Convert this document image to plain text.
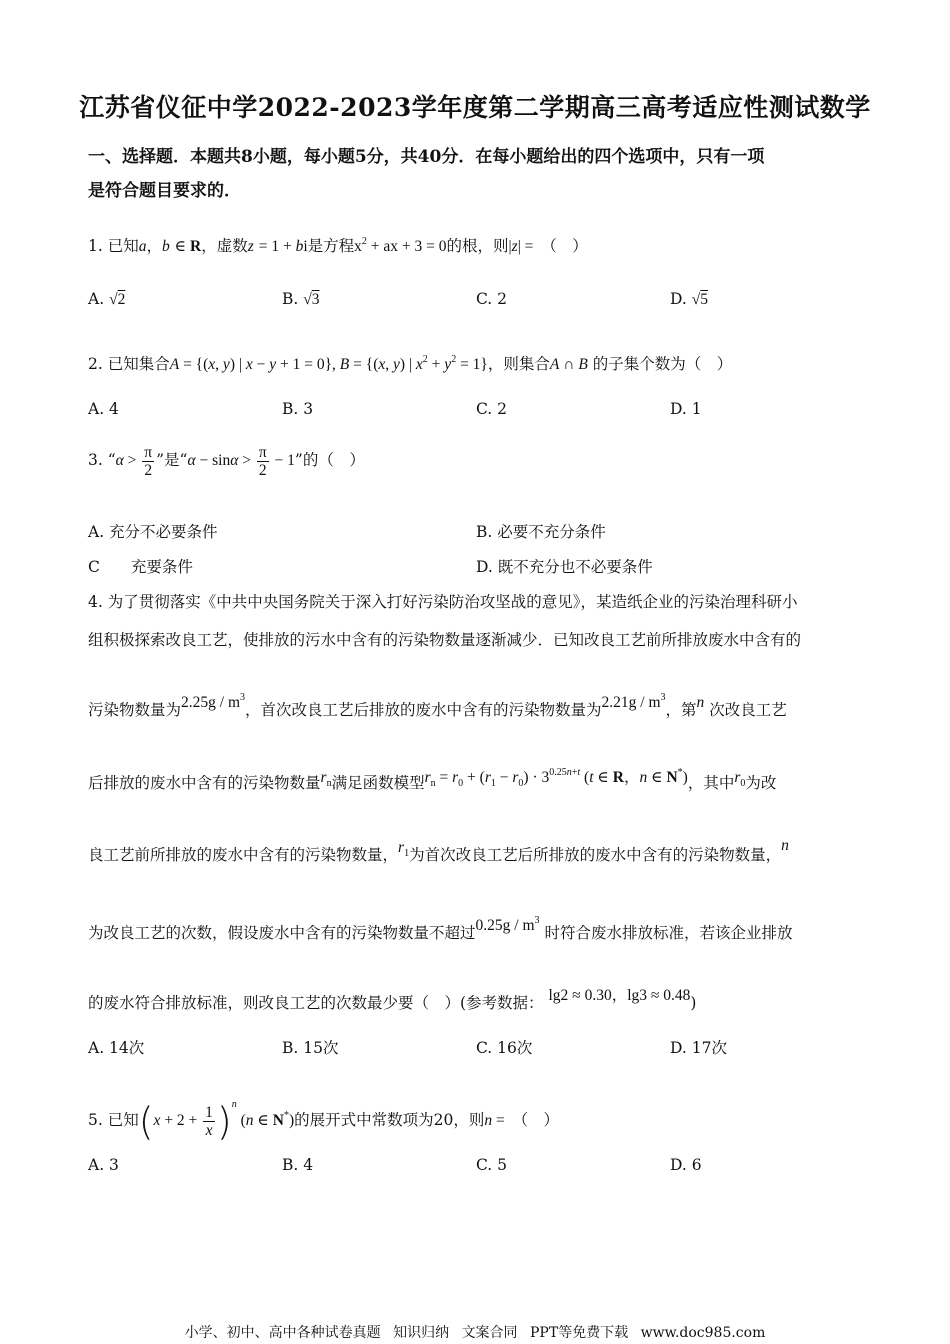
江苏省仪征中学2022-2023学年度第二学期高三高考适应性测试数学
一、选择题．本题共8小题，每小题5分，共40分．在每小题给出的四个选项中，只有一项
是符合题目要求的．
1. 已知a，b ∈ R，虚数z = 1 + bi是方程$x^2$ + ax + 3 = 0的根，则|z| =　 （　）
A. √2	B. √3	C. 2	D. √5
2. 已知集合A = {(x, y) | x − y + 1 = 0}, B = {(x, y) | $x^2 + y^2 = 1$}，则集合A ∩ B 的子集个数为（　）
A. 4	B. 3	C. 2	D. 1
3. “$\alpha > \frac{\pi}{2}$ ”是“$\alpha - \sin\alpha > \frac{\pi}{2} - 1$”的（　）
A. 充分不必要条件	B. 必要不充分条件
C　　充要条件	D. 既不充分也不必要条件
4. 为了贯彻落实《中共中央国务院关于深入打好污染防治攻坚战的意见》，某造纸企业的污染治理科研小
组积极探索改良工艺，使排放的污水中含有的污染物数量逐渐减少．已知改良工艺前所排放废水中含有的
污染物数量为$2.25g / m^3$，首次改良工艺后排放的废水中含有的污染物数量为$2.21g / m^3$，第n 次改良工艺
后排放的废水中含有的污染物数量$r_n$满足函数模型$r_n = r_0 + (r_1 - r_0) \cdot 3^{0.25n+t}$ (t ∈ R，n ∈ N*)，其中$r_0$为改
良工艺前所排放的废水中含有的污染物数量，$r_1$为首次改良工艺后所排放的废水中含有的污染物数量，n
为改良工艺的次数，假设废水中含有的污染物数量不超过$0.25g / m^3$ 时符合废水排放标准，若该企业排放
的废水符合排放标准，则改良工艺的次数最少要（　）(参考数据： lg2 ≈ 0.30，lg3 ≈ 0.48)
A. 14次	B. 15次	C. 16次	D. 17次
5. 已知$(x + 2 + \frac{1}{x} )^n$ (n ∈ N*)的展开式中常数项为20，则n =　 （　）
A. 3	B. 4	C. 5	D. 6
小学、初中、高中各种试卷真题 知识归纳 文案合同 PPT等免费下载 www.doc985.com
